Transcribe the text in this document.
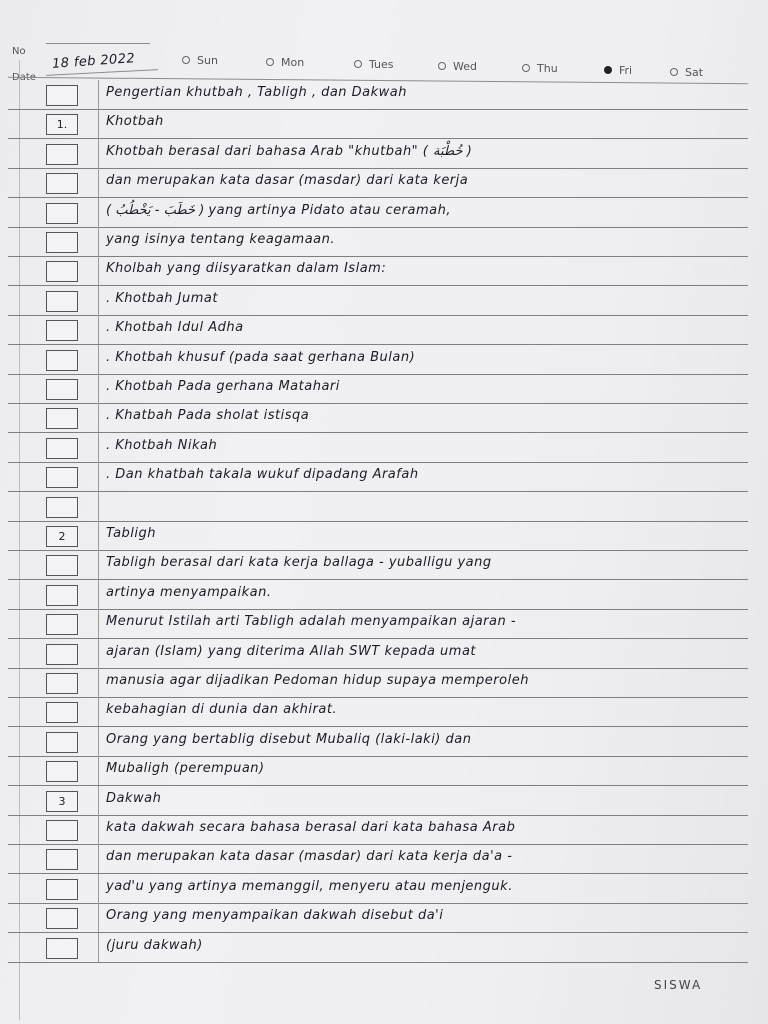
No 18 feb 2022	Sun	Mon	Tues	Wed	Thu	Fri	Sat
Pengertian khutbah , Tabligh , dan Dakwah
1.	Khotbah
Khotbah berasal dari bahasa Arab "khutbah" ( خُطْبَة )
dan merupakan kata dasar (masdar) dari kata kerja
( خَطَبَ - يَخْطُبُ ) yang artinya Pidato atau ceramah,
yang isinya tentang keagamaan.
Kholbah yang diisyaratkan dalam Islam:
. Khotbah Jumat
. Khotbah Idul Adha
. Khotbah khusuf (pada saat gerhana Bulan)
. Khotbah Pada gerhana Matahari
. Khatbah Pada sholat istisqa
. Khotbah Nikah
. Dan khatbah takala wukuf dipadang Arafah
2	Tabligh
Tabligh berasal dari kata kerja ballaga - yuballigu yang
artinya menyampaikan.
Menurut Istilah arti Tabligh adalah menyampaikan ajaran -
ajaran (Islam) yang diterima Allah SWT kepada umat
manusia agar dijadikan Pedoman hidup supaya memperoleh
kebahagian di dunia dan akhirat.
Orang yang bertablig disebut Mubaliq (laki-laki) dan
Mubaligh (perempuan)
3	Dakwah
kata dakwah secara bahasa berasal dari kata bahasa Arab
dan merupakan kata dasar (masdar) dari kata kerja da'a -
yad'u yang artinya memanggil, menyeru atau menjenguk.
Orang yang menyampaikan dakwah disebut da'i
(juru dakwah)
SISWA
